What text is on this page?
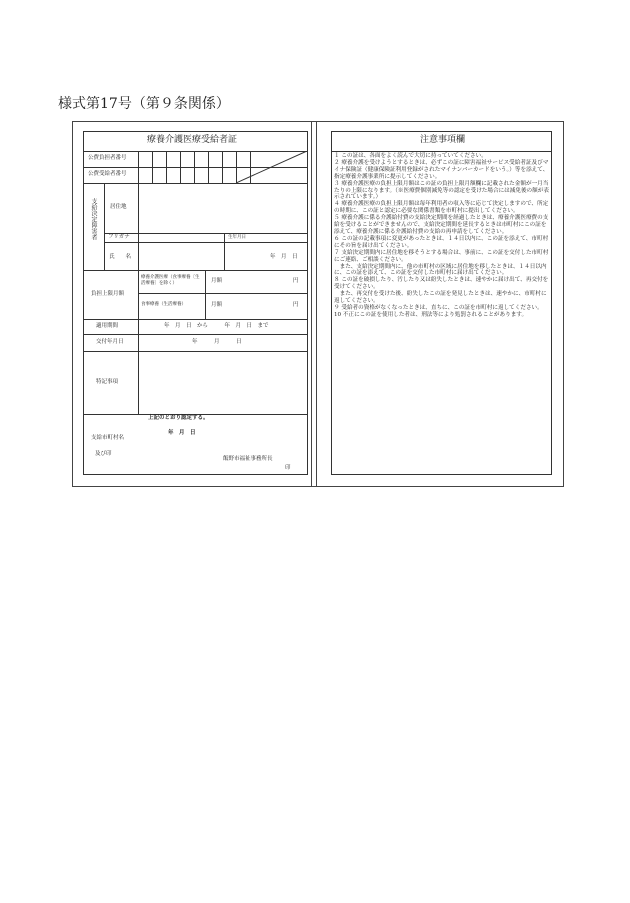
様式第17号（第９条関係）
療養介護医療受給者証
公費負担者番号
公費受給者番号
支給決定障害者 居住地
フリガナ	生年月日
氏　　名	年　月　日
負担上限月額
療養介護医療（食事療養〔生活療養〕を除く）	月額	円
食事療養（生活療養）	月額	円
適用期間	年　月　日　から　　　年　月　日　まで
交付年月日	年　　　月　　　日
特記事項
上記のとおり認定する。
年　月　日
支給市町村名
及び印
飯野市福祉事務所長
印
注意事項欄
１ この証は、各面をよく読んで大切に持っていてください。
２ 療養介護を受けようとするときは、必ずこの証に障害福祉サービス受給者証及びマイナ保険証（健康保険証利用登録がされたマイナンバーカードをいう。）等を添えて、指定療養介護事業所に提示してください。
３ 療養介護医療の負担上限月額はこの証の負担上限月額欄に記載された金額が一月当たりの上限になります。（※医療費個別減免等の認定を受けた場合には減免後の額が表示されています。）
４ 療養介護医療の負担上限月額は毎年利用者の収入等に応じて決定しますので、所定の時期に、この証と認定に必要な関係書類を市町村に提出してください。
５ 療養介護に係る介護給付費の支給決定期間を経過したときは、療養介護医療費の支給を受けることができませんので、支給決定期間を延長するときは市町村にこの証を添えて、療養介護に係る介護給付費の支給の再申請をしてください。
６ この証の記載事項に変更があったときは、１４日以内に、この証を添えて、市町村にその旨を届け出てください。
７ 支給決定期間内に居住地を移そうとする場合は、事前に、この証を交付した市町村にご連絡、ご相談ください。
　また、支給決定期間内に、他の市町村の区域に居住地を移したときは、１４日以内に、この証を添えて、この証を交付した市町村に届け出てください。
８ この証を破損したり、汚したり又は紛失したときは、速やかに届け出て、再交付を受けてください。
　また、再交付を受けた後、紛失したこの証を発見したときは、速やかに、市町村に返してください。
９ 受給者の資格がなくなったときは、直ちに、この証を市町村に返してください。
10 不正にこの証を使用した者は、刑法等により処罰されることがあります。
